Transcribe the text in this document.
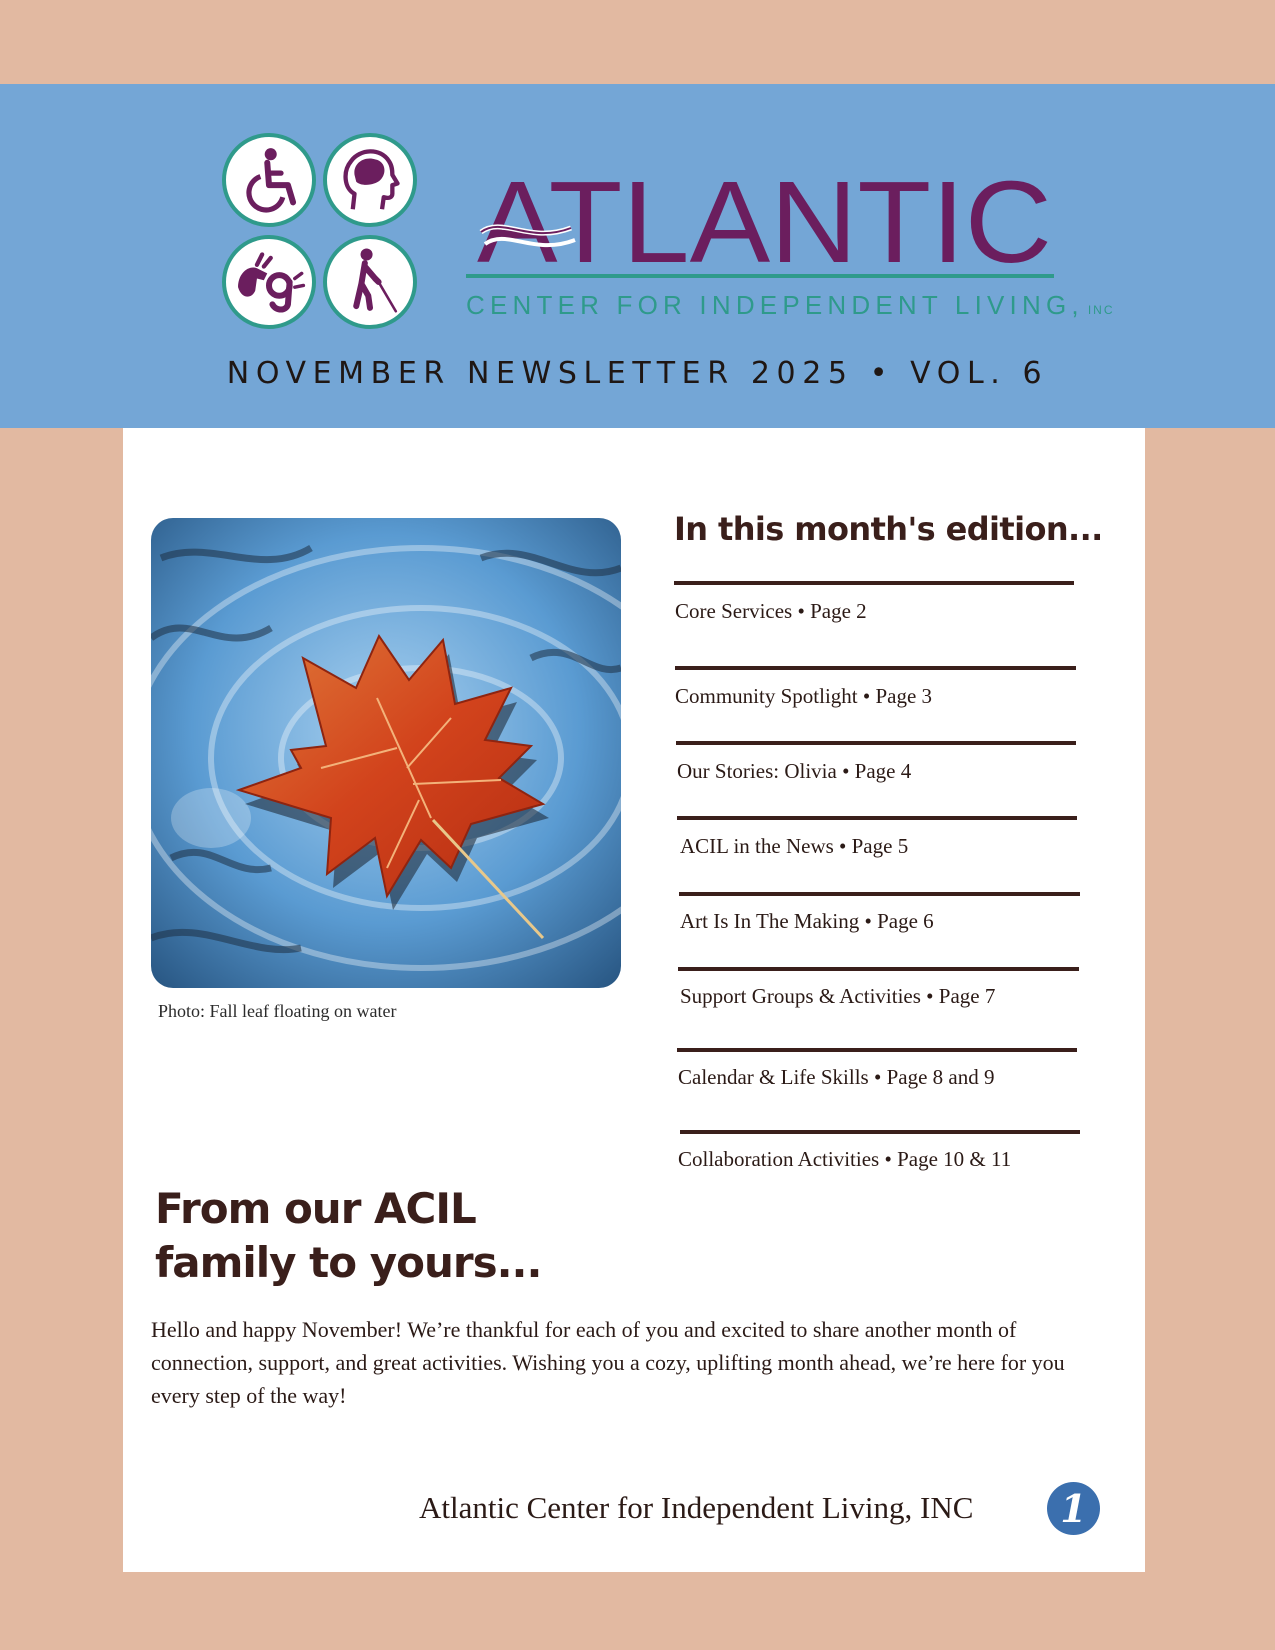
ATLANTIC
CENTER FOR INDEPENDENT LIVING, INC
NOVEMBER NEWSLETTER 2025 • VOL. 6
Photo: Fall leaf floating on water
In this month's edition...
Core Services • Page 2
Community Spotlight • Page 3
Our Stories: Olivia • Page 4
ACIL in the News • Page 5
Art Is In The Making • Page 6
Support Groups & Activities • Page 7
Calendar & Life Skills • Page 8 and 9
Collaboration Activities • Page 10 & 11
From our ACIL
family to yours...
Hello and happy November! We’re thankful for each of you and excited to share another month of connection, support, and great activities. Wishing you a cozy, uplifting month ahead, we’re here for you every step of the way!
Atlantic Center for Independent Living, INC	1
